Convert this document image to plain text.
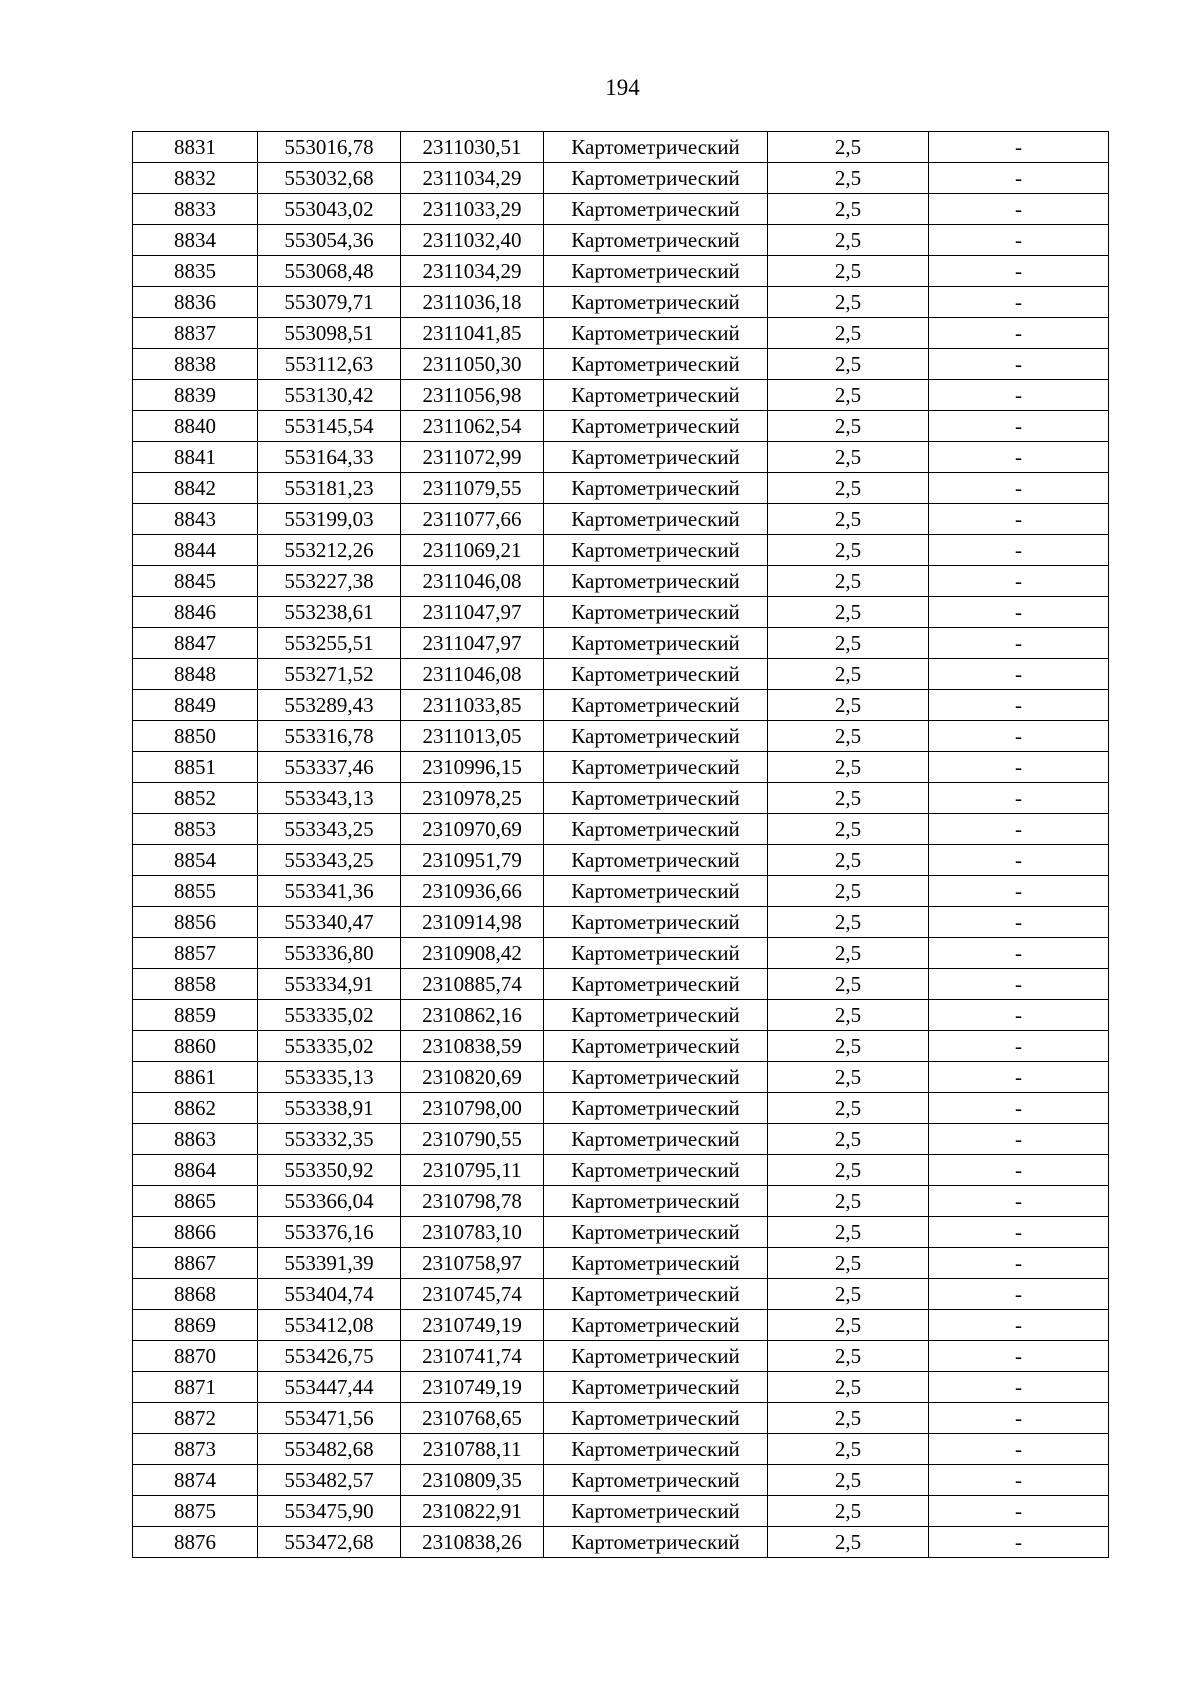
194
8831	553016,78	2311030,51	Картометрический	2,5	-
8832	553032,68	2311034,29	Картометрический	2,5	-
8833	553043,02	2311033,29	Картометрический	2,5	-
8834	553054,36	2311032,40	Картометрический	2,5	-
8835	553068,48	2311034,29	Картометрический	2,5	-
8836	553079,71	2311036,18	Картометрический	2,5	-
8837	553098,51	2311041,85	Картометрический	2,5	-
8838	553112,63	2311050,30	Картометрический	2,5	-
8839	553130,42	2311056,98	Картометрический	2,5	-
8840	553145,54	2311062,54	Картометрический	2,5	-
8841	553164,33	2311072,99	Картометрический	2,5	-
8842	553181,23	2311079,55	Картометрический	2,5	-
8843	553199,03	2311077,66	Картометрический	2,5	-
8844	553212,26	2311069,21	Картометрический	2,5	-
8845	553227,38	2311046,08	Картометрический	2,5	-
8846	553238,61	2311047,97	Картометрический	2,5	-
8847	553255,51	2311047,97	Картометрический	2,5	-
8848	553271,52	2311046,08	Картометрический	2,5	-
8849	553289,43	2311033,85	Картометрический	2,5	-
8850	553316,78	2311013,05	Картометрический	2,5	-
8851	553337,46	2310996,15	Картометрический	2,5	-
8852	553343,13	2310978,25	Картометрический	2,5	-
8853	553343,25	2310970,69	Картометрический	2,5	-
8854	553343,25	2310951,79	Картометрический	2,5	-
8855	553341,36	2310936,66	Картометрический	2,5	-
8856	553340,47	2310914,98	Картометрический	2,5	-
8857	553336,80	2310908,42	Картометрический	2,5	-
8858	553334,91	2310885,74	Картометрический	2,5	-
8859	553335,02	2310862,16	Картометрический	2,5	-
8860	553335,02	2310838,59	Картометрический	2,5	-
8861	553335,13	2310820,69	Картометрический	2,5	-
8862	553338,91	2310798,00	Картометрический	2,5	-
8863	553332,35	2310790,55	Картометрический	2,5	-
8864	553350,92	2310795,11	Картометрический	2,5	-
8865	553366,04	2310798,78	Картометрический	2,5	-
8866	553376,16	2310783,10	Картометрический	2,5	-
8867	553391,39	2310758,97	Картометрический	2,5	-
8868	553404,74	2310745,74	Картометрический	2,5	-
8869	553412,08	2310749,19	Картометрический	2,5	-
8870	553426,75	2310741,74	Картометрический	2,5	-
8871	553447,44	2310749,19	Картометрический	2,5	-
8872	553471,56	2310768,65	Картометрический	2,5	-
8873	553482,68	2310788,11	Картометрический	2,5	-
8874	553482,57	2310809,35	Картометрический	2,5	-
8875	553475,90	2310822,91	Картометрический	2,5	-
8876	553472,68	2310838,26	Картометрический	2,5	-
